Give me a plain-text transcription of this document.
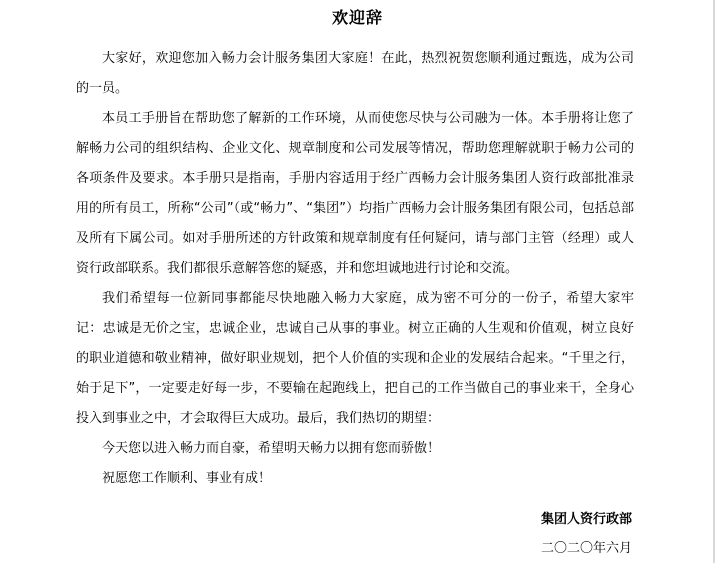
欢迎辞

大家好，欢迎您加入畅力会计服务集团大家庭！在此，热烈祝贺您顺利通过甄选，成为公司的一员。

本员工手册旨在帮助您了解新的工作环境，从而使您尽快与公司融为一体。本手册将让您了解畅力公司的组织结构、企业文化、规章制度和公司发展等情况，帮助您理解就职于畅力公司的各项条件及要求。本手册只是指南，手册内容适用于经广西畅力会计服务集团人资行政部批准录用的所有员工，所称“公司”（或“畅力”、“集团”）均指广西畅力会计服务集团有限公司，包括总部及所有下属公司。如对手册所述的方针政策和规章制度有任何疑问，请与部门主管（经理）或人资行政部联系。我们都很乐意解答您的疑惑，并和您坦诚地进行讨论和交流。

我们希望每一位新同事都能尽快地融入畅力大家庭，成为密不可分的一份子，希望大家牢记：忠诚是无价之宝，忠诚企业，忠诚自己从事的事业。树立正确的人生观和价值观，树立良好的职业道德和敬业精神，做好职业规划，把个人价值的实现和企业的发展结合起来。“千里之行，始于足下”，一定要走好每一步，不要输在起跑线上，把自己的工作当做自己的事业来干，全身心投入到事业之中，才会取得巨大成功。最后，我们热切的期望：

今天您以进入畅力而自豪，希望明天畅力以拥有您而骄傲！

祝愿您工作顺利、事业有成！

集团人资行政部
二〇二〇年六月
